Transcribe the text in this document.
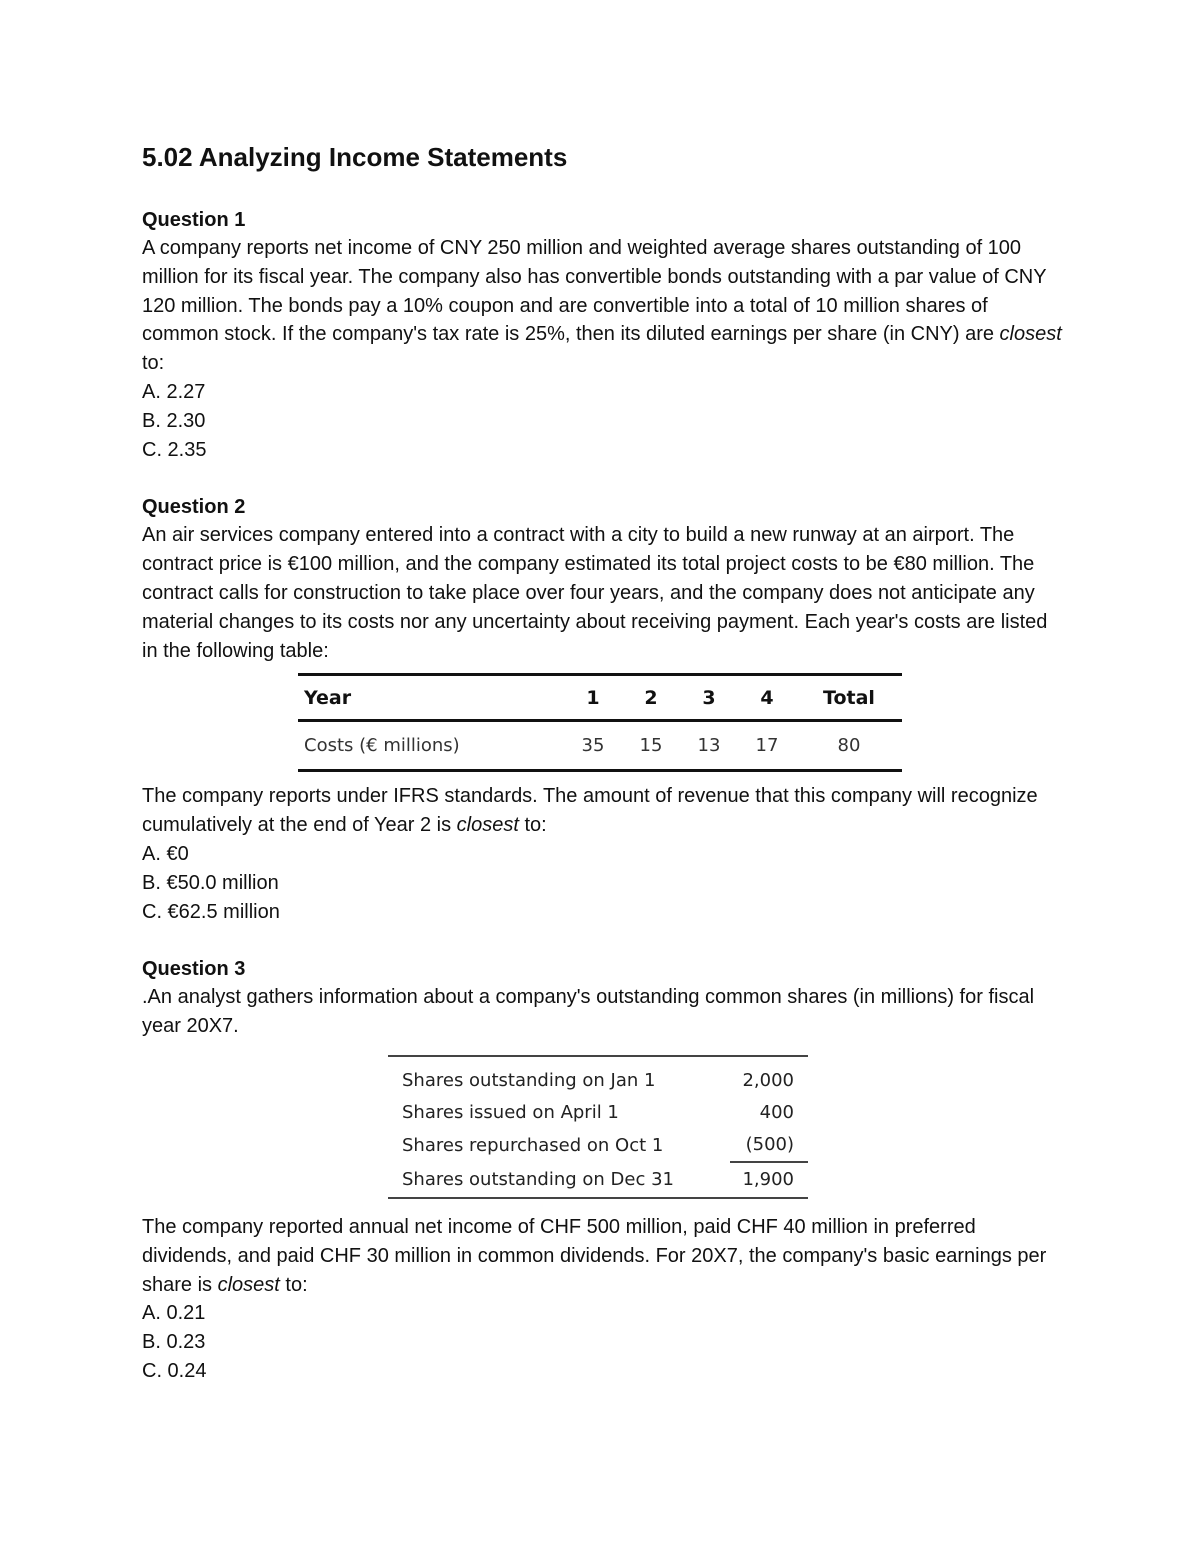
5.02 Analyzing Income Statements
Question 1

A company reports net income of CNY 250 million and weighted average shares outstanding of 100 million for its fiscal year. The company also has convertible bonds outstanding with a par value of CNY 120 million. The bonds pay a 10% coupon and are convertible into a total of 10 million shares of common stock. If the company's tax rate is 25%, then its diluted earnings per share (in CNY) are closest to:

A. 2.27
B. 2.30
C. 2.35
Question 2

An air services company entered into a contract with a city to build a new runway at an airport. The contract price is €100 million, and the company estimated its total project costs to be €80 million. The contract calls for construction to take place over four years, and the company does not anticipate any material changes to its costs nor any uncertainty about receiving payment. Each year's costs are listed in the following table:

Year	1	2	3	4	Total
Costs (€ millions)	35	15	13	17	80

The company reports under IFRS standards. The amount of revenue that this company will recognize cumulatively at the end of Year 2 is closest to:

A. €0
B. €50.0 million
C. €62.5 million
Question 3

.An analyst gathers information about a company's outstanding common shares (in millions) for fiscal year 20X7.

Shares outstanding on Jan 1	2,000
Shares issued on April 1	400
Shares repurchased on Oct 1	(500)
Shares outstanding on Dec 31	1,900

The company reported annual net income of CHF 500 million, paid CHF 40 million in preferred dividends, and paid CHF 30 million in common dividends. For 20X7, the company's basic earnings per share is closest to:

A. 0.21
B. 0.23
C. 0.24
